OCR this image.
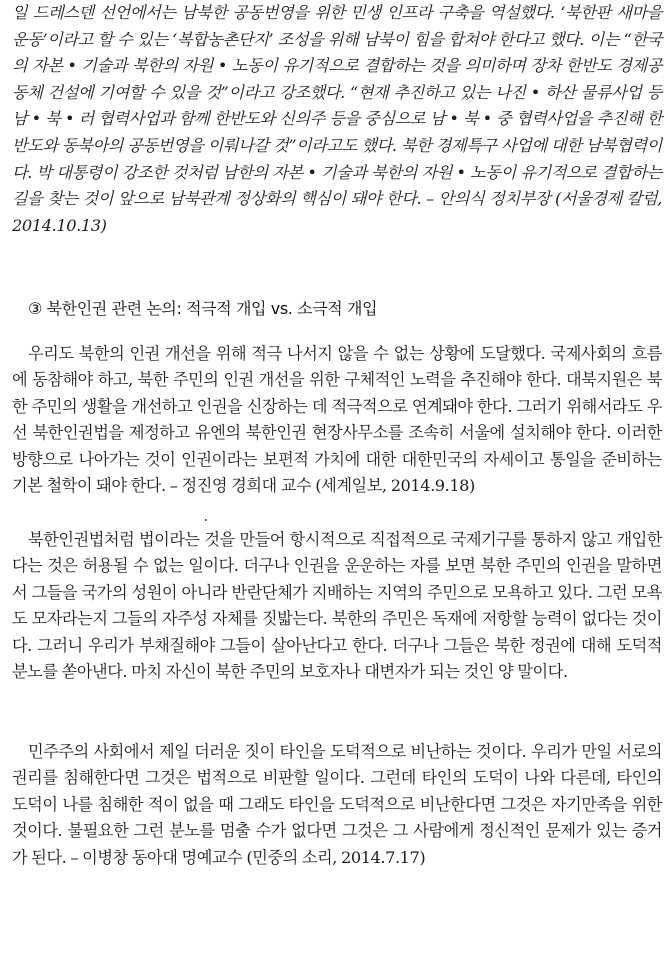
일 드레스덴 선언에서는 남북한 공동번영을 위한 민생 인프라 구축을 역설했다. ‘북한판 새마을운동’이라고 할 수 있는 ‘복합농촌단지’ 조성을 위해 남북이 힘을 합쳐야 한다고 했다. 이는 “한국의 자본 • 기술과 북한의 자원 • 노동이 유기적으로 결합하는 것을 의미하며 장차 한반도 경제공동체 건설에 기여할 수 있을 것”이라고 강조했다. “현재 추진하고 있는 나진 • 하산 물류사업 등 남 • 북 • 러 협력사업과 함께 한반도와 신의주 등을 중심으로 남 • 북 • 중 협력사업을 추진해 한반도와 동북아의 공동번영을 이뤄나갈 것”이라고도 했다. 북한 경제특구 사업에 대한 남북협력이다. 박 대통령이 강조한 것처럼 남한의 자본 • 기술과 북한의 자원 • 노동이 유기적으로 결합하는 길을 찾는 것이 앞으로 남북관계 정상화의 핵심이 돼야 한다. – 안의식 정치부장 (서울경제 칼럼, 2014.10.13)
③ 북한인권 관련 논의: 적극적 개입 vs. 소극적 개입

우리도 북한의 인권 개선을 위해 적극 나서지 않을 수 없는 상황에 도달했다. 국제사회의 흐름에 동참해야 하고, 북한 주민의 인권 개선을 위한 구체적인 노력을 추진해야 한다. 대북지원은 북한 주민의 생활을 개선하고 인권을 신장하는 데 적극적으로 연계돼야 한다. 그러기 위해서라도 우선 북한인권법을 제정하고 유엔의 북한인권 현장사무소를 조속히 서울에 설치해야 한다. 이러한 방향으로 나아가는 것이 인권이라는 보편적 가치에 대한 대한민국의 자세이고 통일을 준비하는 기본 철학이 돼야 한다. – 정진영 경희대 교수 (세계일보, 2014.9.18)

북한인권법처럼 법이라는 것을 만들어 항시적으로 직접적으로 국제기구를 통하지 않고 개입한다는 것은 허용될 수 없는 일이다. 더구나 인권을 운운하는 자를 보면 북한 주민의 인권을 말하면서 그들을 국가의 성원이 아니라 반란단체가 지배하는 지역의 주민으로 모욕하고 있다. 그런 모욕도 모자라는지 그들의 자주성 자체를 짓밟는다. 북한의 주민은 독재에 저항할 능력이 없다는 것이다. 그러니 우리가 부채질해야 그들이 살아난다고 한다. 더구나 그들은 북한 정권에 대해 도덕적 분노를 쏟아낸다. 마치 자신이 북한 주민의 보호자나 대변자가 되는 것인 양 말이다.

민주주의 사회에서 제일 더러운 짓이 타인을 도덕적으로 비난하는 것이다. 우리가 만일 서로의 권리를 침해한다면 그것은 법적으로 비판할 일이다. 그런데 타인의 도덕이 나와 다른데, 타인의 도덕이 나를 침해한 적이 없을 때 그래도 타인을 도덕적으로 비난한다면 그것은 자기만족을 위한 것이다. 불필요한 그런 분노를 멈출 수가 없다면 그것은 그 사람에게 정신적인 문제가 있는 증거가 된다. – 이병창 동아대 명예교수 (민중의 소리, 2014.7.17)
